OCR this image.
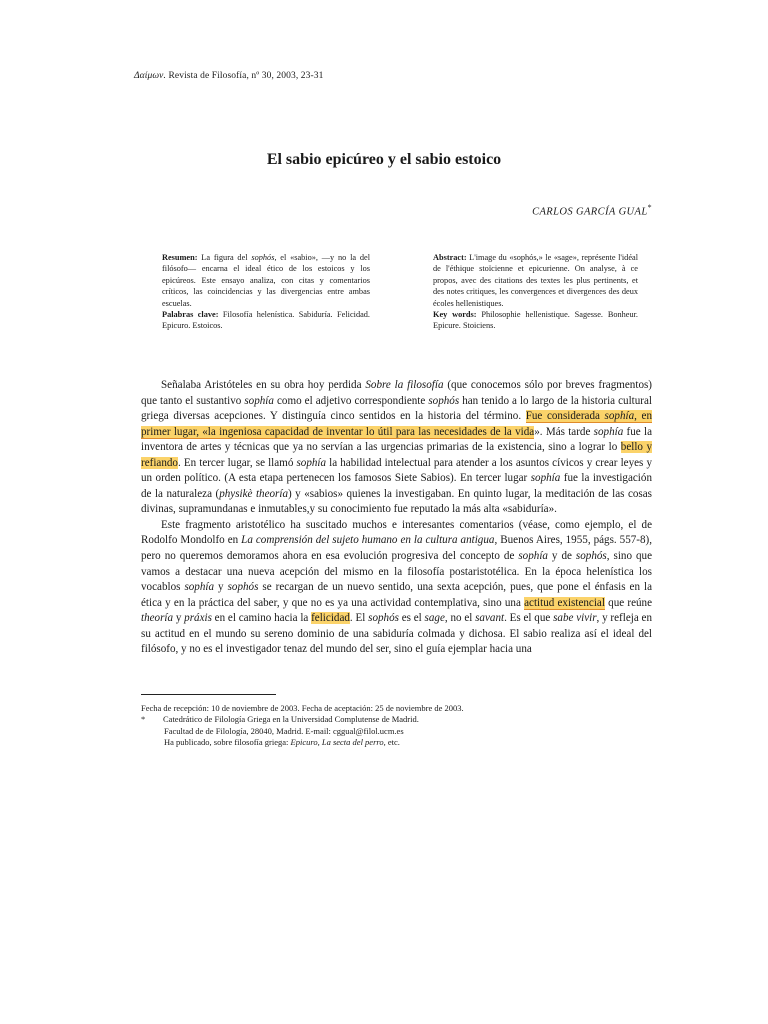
Δαίμων. Revista de Filosofía, nº 30, 2003, 23-31
El sabio epicúreo y el sabio estoico
CARLOS GARCÍA GUAL*
Resumen: La figura del sophós, el «sabio», —y no la del filósofo— encarna el ideal ético de los estoicos y los epicúreos. Este ensayo analiza, con citas y comentarios críticos, las coincidencias y las divergencias entre ambas escuelas.
Palabras clave: Filosofía helenística. Sabiduría. Felicidad. Epicuro. Estoicos.
Abstract: L'image du «sophós,» le «sage», représente l'idéal de l'éthique stoïcienne et epicurienne. On analyse, à ce propos, avec des citations des textes les plus pertinents, et des notes critiques, les convergences et divergences des deux écoles hellenistiques.
Key words: Philosophie hellenistique. Sagesse. Bonheur. Epicure. Stoiciens.

Señalaba Aristóteles en su obra hoy perdida Sobre la filosofía (que conocemos sólo por breves fragmentos) que tanto el sustantivo sophía como el adjetivo correspondiente sophós han tenido a lo largo de la historia cultural griega diversas acepciones. Y distinguía cinco sentidos en la historia del término. Fue considerada sophía, en primer lugar, «la ingeniosa capacidad de inventar lo útil para las necesidades de la vida». Más tarde sophía fue la inventora de artes y técnicas que ya no servían a las urgencias primarias de la existencia, sino a lograr lo bello y refiando. En tercer lugar, se llamó sophía la habilidad intelectual para atender a los asuntos cívicos y crear leyes y un orden político. (A esta etapa pertenecen los famosos Siete Sabios). En tercer lugar sophía fue la investigación de la naturaleza (physikè theoría) y «sabios» quienes la investigaban. En quinto lugar, la meditación de las cosas divinas, supramundanas e inmutables,y su conocimiento fue reputado la más alta «sabiduría».

Este fragmento aristotélico ha suscitado muchos e interesantes comentarios (véase, como ejemplo, el de Rodolfo Mondolfo en La comprensión del sujeto humano en la cultura antigua, Buenos Aires, 1955, págs. 557-8), pero no queremos demoramos ahora en esa evolución progresiva del concepto de sophía y de sophós, sino que vamos a destacar una nueva acepción del mismo en la filosofía postaristotélica. En la época helenística los vocablos sophía y sophós se recargan de un nuevo sentido, una sexta acepción, pues, que pone el énfasis en la ética y en la práctica del saber, y que no es ya una actividad contemplativa, sino una actitud existencial que reúne theoría y práxis en el camino hacia la felicidad. El sophós es el sage, no el savant. Es el que sabe vivir, y refleja en su actitud en el mundo su sereno dominio de una sabiduría colmada y dichosa. El sabio realiza así el ideal del filósofo, y no es el investigador tenaz del mundo del ser, sino el guía ejemplar hacia una

Fecha de recepción: 10 de noviembre de 2003. Fecha de aceptación: 25 de noviembre de 2003.
* Catedrático de Filología Griega en la Universidad Complutense de Madrid.
Facultad de de Filología, 28040, Madrid. E-mail: cggual@filol.ucm.es
Ha publicado, sobre filosofía griega: Epicuro, La secta del perro, etc.
